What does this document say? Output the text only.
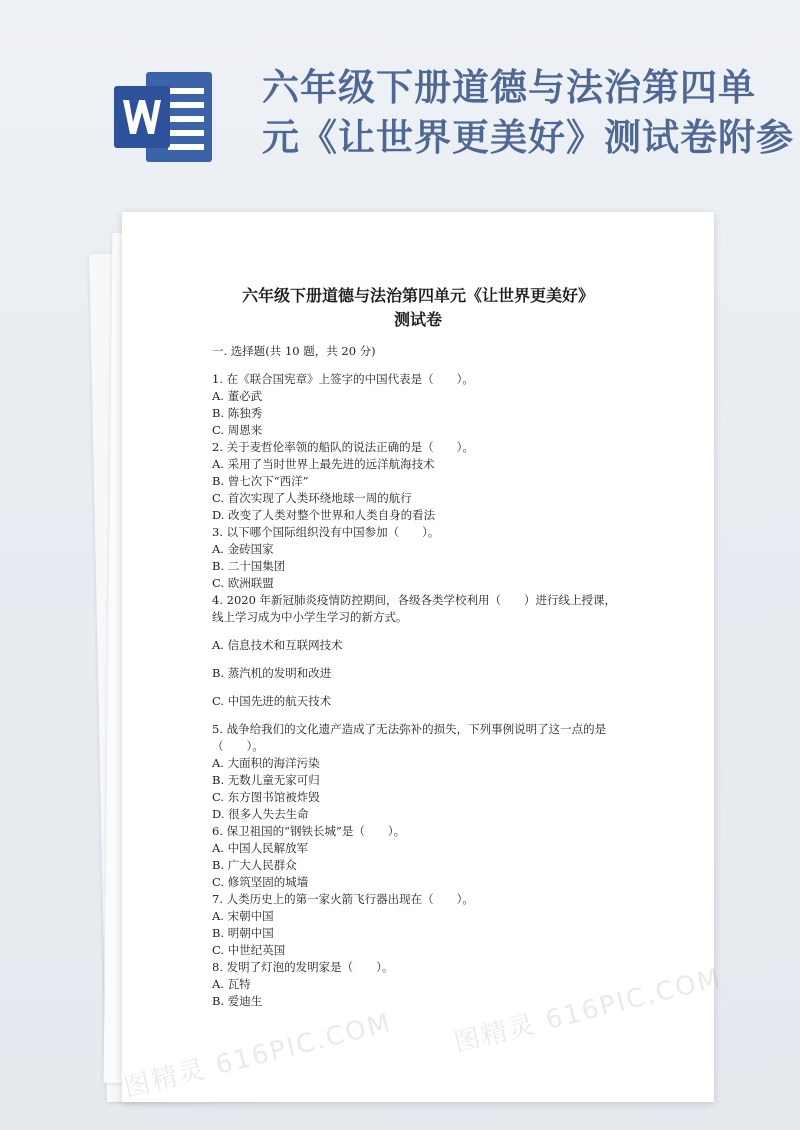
六年级下册道德与法治第四单
元《让世界更美好》测试卷附参
六年级下册道德与法治第四单元《让世界更美好》
测试卷
一. 选择题(共 10 题，共 20 分)
1. 在《联合国宪章》上签字的中国代表是（　　）。
A. 董必武
B. 陈独秀
C. 周恩来
2. 关于麦哲伦率领的船队的说法正确的是（　　）。
A. 采用了当时世界上最先进的远洋航海技术
B. 曾七次下“西洋”
C. 首次实现了人类环绕地球一周的航行
D. 改变了人类对整个世界和人类自身的看法
3. 以下哪个国际组织没有中国参加（　　）。
A. 金砖国家
B. 二十国集团
C. 欧洲联盟
4. 2020 年新冠肺炎疫情防控期间，各级各类学校利用（　　）进行线上授课，线上学习成为中小学生学习的新方式。
A. 信息技术和互联网技术
B. 蒸汽机的发明和改进
C. 中国先进的航天技术
5. 战争给我们的文化遗产造成了无法弥补的损失，下列事例说明了这一点的是（　　）。
A. 大面积的海洋污染
B. 无数儿童无家可归
C. 东方图书馆被炸毁
D. 很多人失去生命
6. 保卫祖国的“钢铁长城”是（　　）。
A. 中国人民解放军
B. 广大人民群众
C. 修筑坚固的城墙
7. 人类历史上的第一家火箭飞行器出现在（　　）。
A. 宋朝中国
B. 明朝中国
C. 中世纪英国
8. 发明了灯泡的发明家是（　　）。
A. 瓦特
B. 爱迪生
图精灵 616PIC.COM 图精灵 616PIC.COM
